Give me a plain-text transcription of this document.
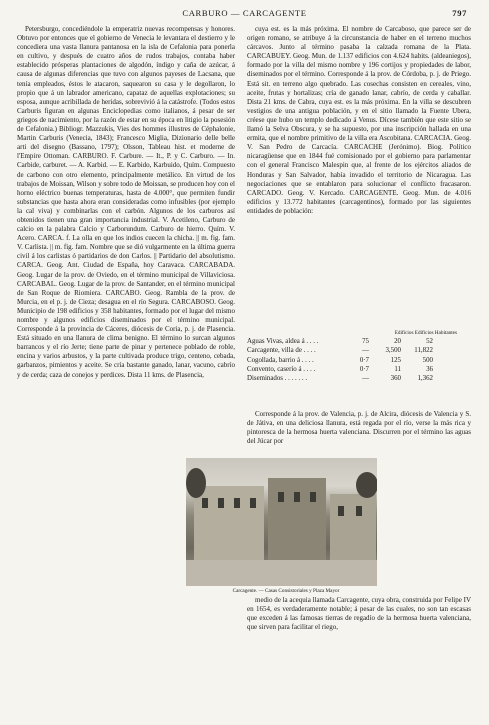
CARBURO — CARCAGENTE	797

Petersburgo, concediéndole la emperatriz nuevas recompensas y honores. Obtuvo por entonces que el gobierno de Venecia le levantara el destierro y le concediera una vasta llanura pantanosa en la isla de Cefalonia para ponerla en cultivo, y después de cuatro años de rudos trabajos, contaba haber establecido prósperas plantaciones de algodón, índigo y caña de azúcar, á causa de algunas diferencias que tuvo con algunos payeses de Lacsana, que tenía empleados, éstos le atacaron, saquearon su casa y le degollaron, lo propio que á un labrador americano, capataz de aquellas explotaciones; su esposa, aunque acribillada de heridas, sobrevivió á la catástrofe. (Todos estos Carburis figuran en algunas Enciclopedias como italianos, á pesar de ser griegos de nacimiento, por la razón de estar en su época en litigio la posesión de Cefalonia.) Bibliogr. Mazzukis, Vies des hommes illustres de Céphalonie, Martin Carburis (Venecia, 1843); Francesco Miglia, Dizionario delle belle arti del disegno (Bassano, 1797); Olsson, Tableau hist. et moderne de l'Empire Ottoman. CARBURO. F. Carbure. — It., P. y C. Carburo. — In. Carbide, carburet. — A. Karbid. — E. Karbido, Karbuido, Quím. Compuesto de carbono con otro elemento, principalmente metálico. En virtud de los trabajos de Moissan, Wilson y sobre todo de Moissan, se producen hoy con el horno eléctrico buenas temperaturas, hasta de 4.000°, que permiten fundir substancias que hasta ahora eran consideradas como infusibles (por ejemplo la cal viva) y combinarlas con el carbón. Algunos de los carburos así obtenidos tienen una gran importancia industrial. V. Acetileno, Carburo de calcio en la palabra Calcio y Carborundum. Carburo de hierro. Quím. V. Acero. CARCA. f. La olla en que los indios cuecen la chicha. || m. fig. fam. V. Carlista. || m. fig. fam. Nombre que se dió vulgarmente en la última guerra civil á los carlistas ó partidarios de don Carlos. || Partidario del absolutismo. CARCA. Geog. Ant. Ciudad de España, hoy Caravaca. CARCABADA. Geog. Lugar de la prov. de Oviedo, en el término municipal de Villaviciosa. CARCABAL. Geog. Lugar de la prov. de Santander, en el término municipal de San Roque de Riomiera. CARCABO. Geog. Rambla de la prov. de Murcia, en el p. j. de Cieza; desagua en el río Segura. CARCABOSO. Geog. Municipio de 198 edificios y 358 habitantes, formado por el lugar del mismo nombre y algunos edificios diseminados por el término municipal. Corresponde á la provincia de Cáceres, diócesis de Coria, p. j. de Plasencia. Está situado en una llanura de clima benigno. El término lo surcan algunos barrancos y el río Jerte; tiene parte de pinar y pertenece poblado de roble, encina y varios arbustos, y la parte cultivada produce trigo, centeno, cebada, garbanzos, pimientos y aceite. Se cría bastante ganado, lanar, vacuno, cabrío y de cerda; caza de conejos y perdices. Dista 11 kms. de Plasencia,

cuya est. es la más próxima. El nombre de Carcaboso, que parece ser de origen romano, se atribuye á la circunstancia de haber en el terreno muchos cárcavos. Junto al término pasaba la calzada romana de la Plata. CARCABUEY. Geog. Mun. de 1.137 edificios con 4.624 habits. (aldeaniegos), formado por la villa del mismo nombre y 196 cortijos y propiedades de labor, diseminados por el término. Corresponde á la prov. de Córdoba, p. j. de Priego. Está sit. en terreno algo quebrado. Las cosechas consisten en cereales, vino, aceite, frutas y hortalizas; cría de ganado lanar, cabrío, de cerda y caballar. Dista 21 kms. de Cabra, cuya est. es la más próxima. En la villa se descubren vestigios de una antigua población, y en el sitio llamado la Fuente Ubera, créese que hubo un templo dedicado á Venus. Dícese también que este sitio se llamó la Selva Obscura, y se ha supuesto, por una inscripción hallada en una ermita, que el nombre primitivo de la villa era Ascobitana. CARCACIA. Geog. V. San Pedro de Carcacía. CARCACHE (Jerónimo). Biog. Político nicaragüense que en 1844 fué comisionado por el gobierno para parlamentar con el general Francisco Malespin que, al frente de los ejércitos aliados de Honduras y San Salvador, había invadido el territorio de Nicaragua. Las negociaciones que se entablaron para solucionar el conflicto fracasaron. CARCADO. Geog. V. Kercado. CARCAGENTE. Geog. Mun. de 4.016 edificios y 13.772 habitantes (carcagentinos), formado por las siguientes entidades de población:

Edificios Edificios Habitantes
Aguas Vivas, aldea á . . . .	75	20	52
Carcagente, villa de . . . .	—	3,500	11,822
Cogollada, barrio á . . . .	0·7	125	500
Convento, caserío á . . . .	0·7	11	36
Diseminados . . . . . . .	—	360	1,362

Corresponde á la prov. de Valencia, p. j. de Alcira, diócesis de Valencia y S. de Játiva, en una deliciosa llanura, está regada por el río, verse la más rica y pintoresca de la hermosa huerta valenciana. Discurren por el término las aguas del Júcar por

Carcagente. — Casas Consistoriales y Plaza Mayor

medio de la acequia llamada Carcagente, cuya obra, construida por Felipe IV en 1654, es verdaderamente notable; á pesar de las cuales, no son tan escasas que exceden á las famosas tierras de regadío de la hermosa huerta valenciana, que sirven para facilitar el riego,
